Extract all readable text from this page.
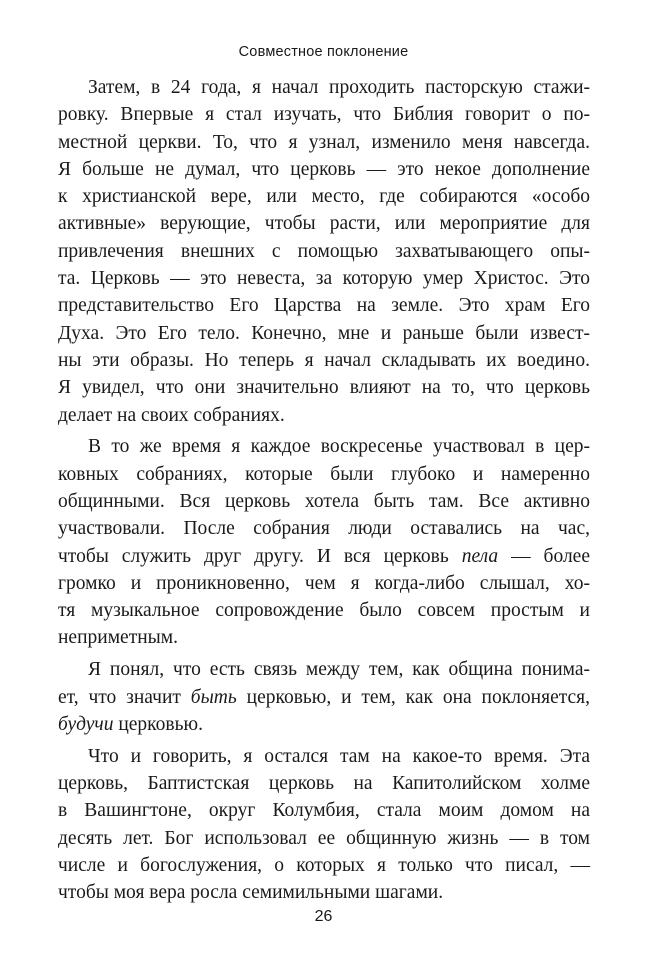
Совместное поклонение
Затем, в 24 года, я начал проходить пасторскую стажи-
ровку. Впервые я стал изучать, что Библия говорит о по-
местной церкви. То, что я узнал, изменило меня навсегда.
Я больше не думал, что церковь — это некое дополнение
к христианской вере, или место, где собираются «особо
активные» верующие, чтобы расти, или мероприятие для
привлечения внешних с помощью захватывающего опы-
та. Церковь — это невеста, за которую умер Христос. Это
представительство Его Царства на земле. Это храм Его
Духа. Это Его тело. Конечно, мне и раньше были извест-
ны эти образы. Но теперь я начал складывать их воедино.
Я увидел, что они значительно влияют на то, что церковь
делает на своих собраниях.
В то же время я каждое воскресенье участвовал в цер-
ковных собраниях, которые были глубоко и намеренно
общинными. Вся церковь хотела быть там. Все активно
участвовали. После собрания люди оставались на час,
чтобы служить друг другу. И вся церковь пела — более
громко и проникновенно, чем я когда-либо слышал, хо-
тя музыкальное сопровождение было совсем простым и
неприметным.
Я понял, что есть связь между тем, как община понима-
ет, что значит быть церковью, и тем, как она поклоняется,
будучи церковью.
Что и говорить, я остался там на какое-то время. Эта
церковь, Баптистская церковь на Капитолийском холме
в Вашингтоне, округ Колумбия, стала моим домом на
десять лет. Бог использовал ее общинную жизнь — в том
числе и богослужения, о которых я только что писал, —
чтобы моя вера росла семимильными шагами.
26
